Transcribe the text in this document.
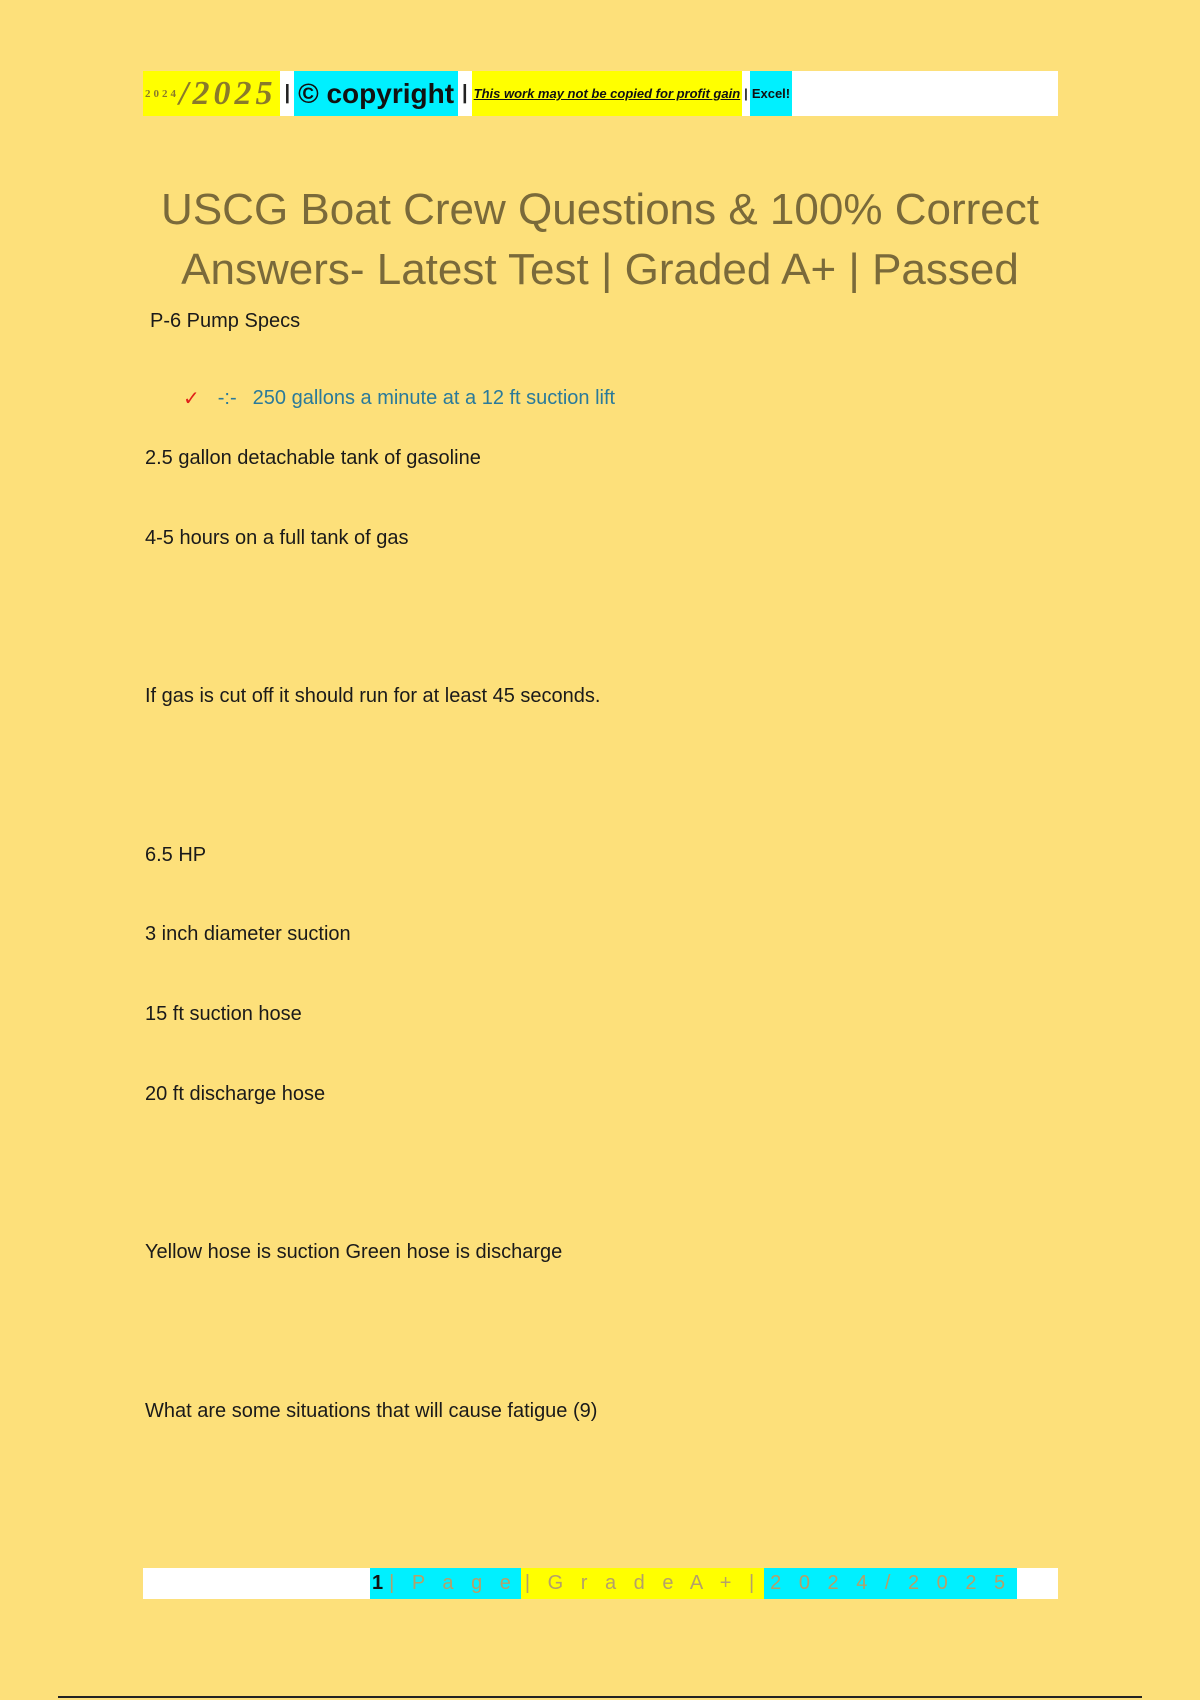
2024 /2025 | © copyright | This work may not be copied for profit gain | Excel!
USCG Boat Crew Questions & 100% Correct
Answers- Latest Test | Graded A+ | Passed
P-6 Pump Specs
✓ -:- 250 gallons a minute at a 12 ft suction lift
2.5 gallon detachable tank of gasoline
4-5 hours on a full tank of gas
If gas is cut off it should run for at least 45 seconds.
6.5 HP
3 inch diameter suction
15 ft suction hose
20 ft discharge hose
Yellow hose is suction Green hose is discharge
What are some situations that will cause fatigue (9)
1 | P a g e | G r a d e A + | 2 0 2 4 / 2 0 2 5
